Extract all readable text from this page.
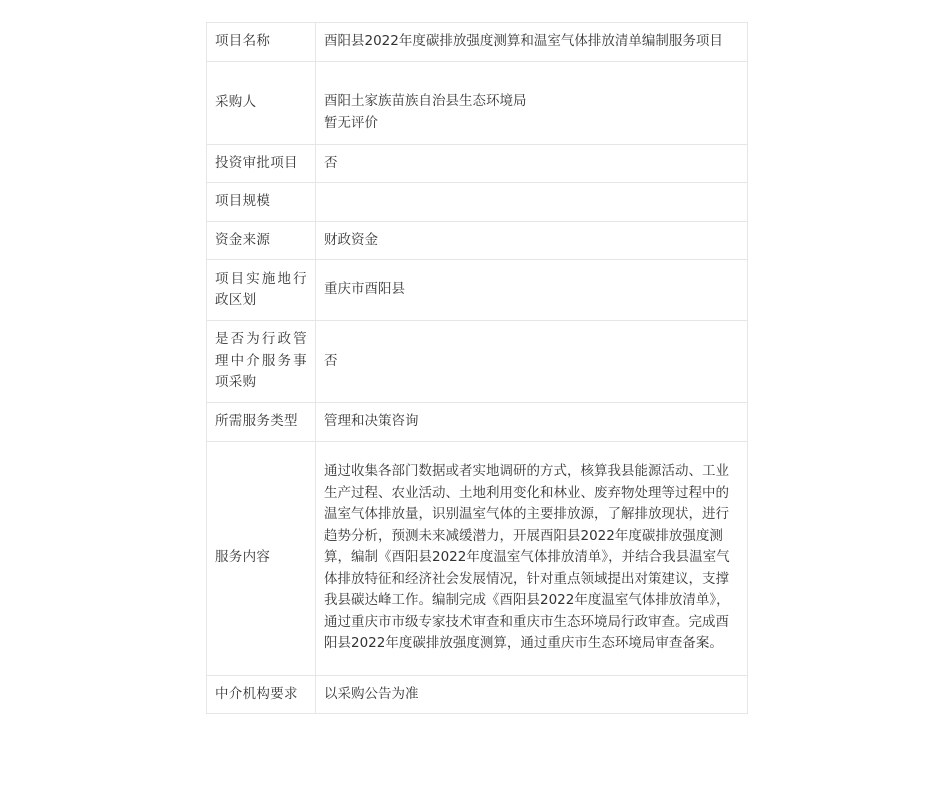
项目名称	酉阳县2022年度碳排放强度测算和温室气体排放清单编制服务项目
采购人	酉阳土家族苗族自治县生态环境局
暂无评价

投资审批项目	否
项目规模	
资金来源	财政资金
项目实施地行政区划	重庆市酉阳县
是否为行政管理中介服务事项采购	否
所需服务类型	管理和决策咨询
服务内容	通过收集各部门数据或者实地调研的方式，核算我县能源活动、工业生产过程、农业活动、土地利用变化和林业、废弃物处理等过程中的温室气体排放量，识别温室气体的主要排放源，了解排放现状，进行趋势分析，预测未来减缓潜力，开展酉阳县2022年度碳排放强度测算，编制《酉阳县2022年度温室气体排放清单》，并结合我县温室气体排放特征和经济社会发展情况，针对重点领域提出对策建议，支撑我县碳达峰工作。编制完成《酉阳县2022年度温室气体排放清单》，通过重庆市市级专家技术审查和重庆市生态环境局行政审查。完成酉阳县2022年度碳排放强度测算，通过重庆市生态环境局审查备案。
中介机构要求	以采购公告为准
